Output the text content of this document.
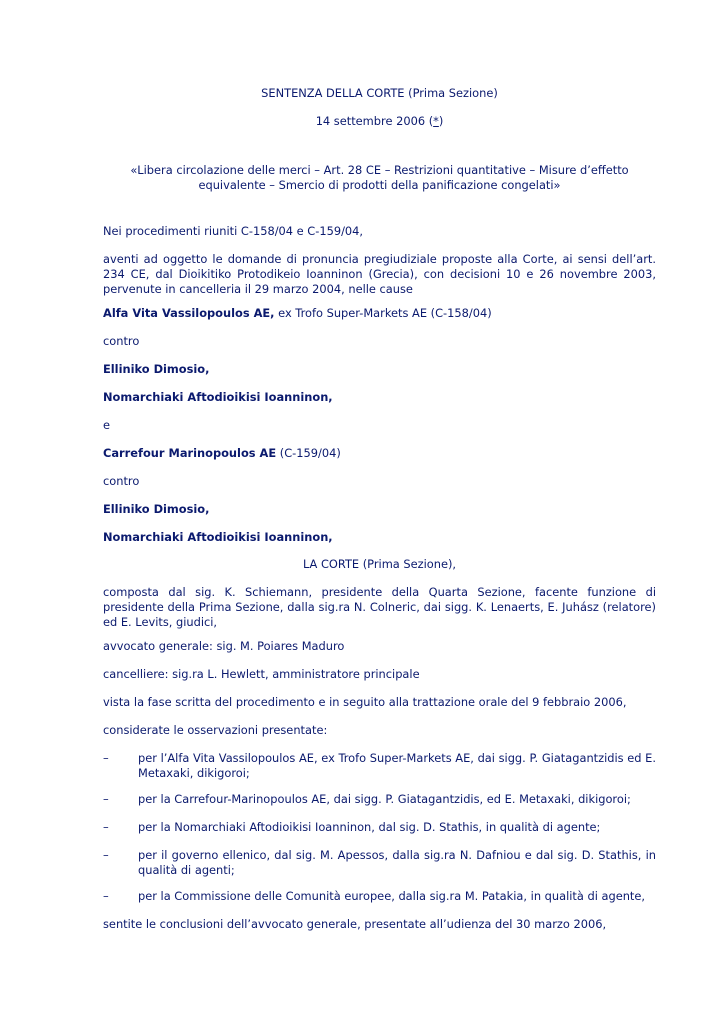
SENTENZA DELLA CORTE (Prima Sezione)
14 settembre 2006 (*)
«Libera circolazione delle merci – Art. 28 CE – Restrizioni quantitative – Misure d’effetto equivalente – Smercio di prodotti della panificazione congelati»
Nei procedimenti riuniti C-158/04 e C-159/04,
aventi ad oggetto le domande di pronuncia pregiudiziale proposte alla Corte, ai sensi dell’art. 234 CE, dal Dioikitiko Protodikeio Ioanninon (Grecia), con decisioni 10 e 26 novembre 2003, pervenute in cancelleria il 29 marzo 2004, nelle cause
Alfa Vita Vassilopoulos AE, ex Trofo Super-Markets AE (C-158/04)
contro
Elliniko Dimosio,
Nomarchiaki Aftodioikisi Ioanninon,
e
Carrefour Marinopoulos AE (C-159/04)
contro
Elliniko Dimosio,
Nomarchiaki Aftodioikisi Ioanninon,
LA CORTE (Prima Sezione),
composta dal sig. K. Schiemann, presidente della Quarta Sezione, facente funzione di presidente della Prima Sezione, dalla sig.ra N. Colneric, dai sigg. K. Lenaerts, E. Juhász (relatore) ed E. Levits, giudici,
avvocato generale: sig. M. Poiares Maduro
cancelliere: sig.ra L. Hewlett, amministratore principale
vista la fase scritta del procedimento e in seguito alla trattazione orale del 9 febbraio 2006,
considerate le osservazioni presentate:
–	per l’Alfa Vita Vassilopoulos AE, ex Trofo Super-Markets AE, dai sigg. P. Giatagantzidis ed E. Metaxaki, dikigoroi;
–	per la Carrefour-Marinopoulos AE, dai sigg. P. Giatagantzidis, ed E. Metaxaki, dikigoroi;
–	per la Nomarchiaki Aftodioikisi Ioanninon, dal sig. D. Stathis, in qualità di agente;
–	per il governo ellenico, dal sig. M. Apessos, dalla sig.ra N. Dafniou e dal sig. D. Stathis, in qualità di agenti;
–	per la Commissione delle Comunità europee, dalla sig.ra M. Patakia, in qualità di agente,
sentite le conclusioni dell’avvocato generale, presentate all’udienza del 30 marzo 2006,
